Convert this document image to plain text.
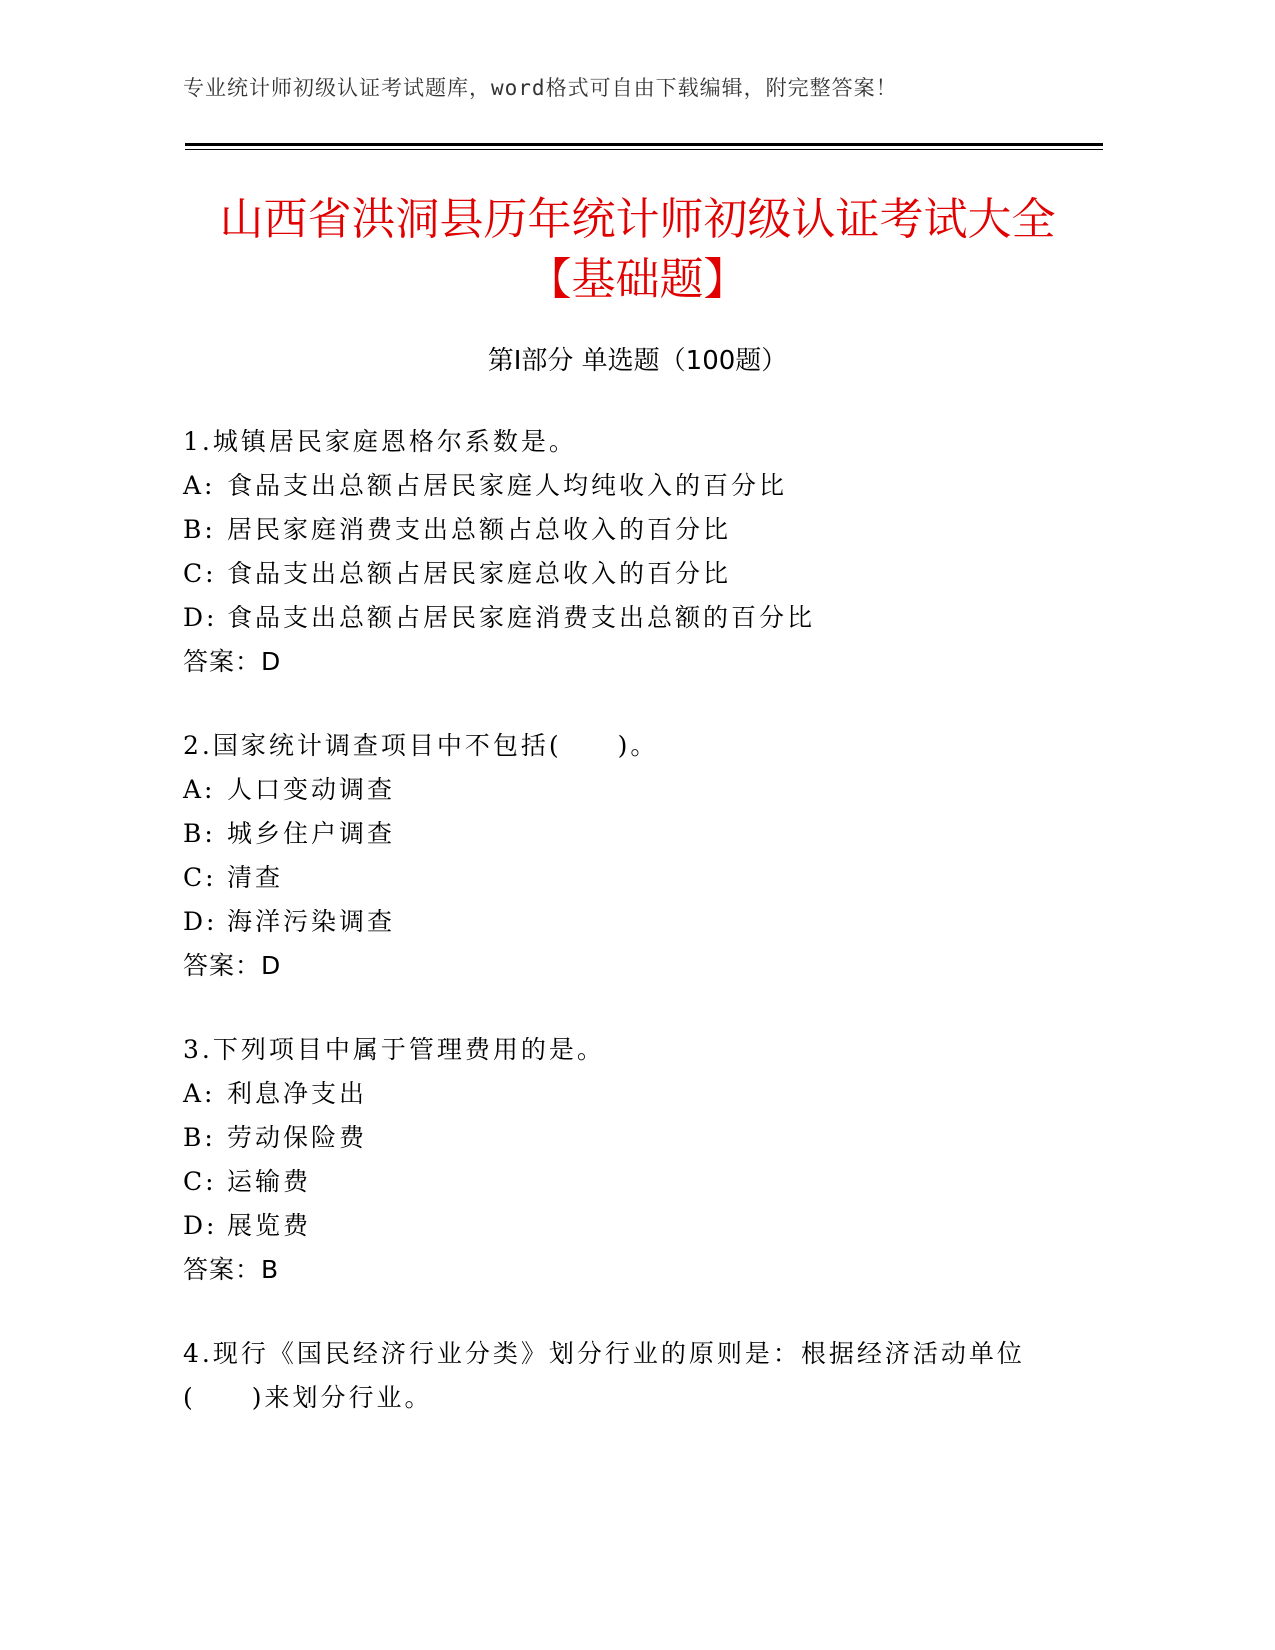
专业统计师初级认证考试题库，word格式可自由下载编辑，附完整答案！
山西省洪洞县历年统计师初级认证考试大全
【基础题】
第Ⅰ部分 单选题（100题）
1.城镇居民家庭恩格尔系数是。
A: 食品支出总额占居民家庭人均纯收入的百分比
B: 居民家庭消费支出总额占总收入的百分比
C: 食品支出总额占居民家庭总收入的百分比
D: 食品支出总额占居民家庭消费支出总额的百分比
答案：D
2.国家统计调查项目中不包括(　　)。
A: 人口变动调查
B: 城乡住户调查
C: 清查
D: 海洋污染调查
答案：D
3.下列项目中属于管理费用的是。
A: 利息净支出
B: 劳动保险费
C: 运输费
D: 展览费
答案：B
4.现行《国民经济行业分类》划分行业的原则是：根据经济活动单位(　　)来划分行业。
